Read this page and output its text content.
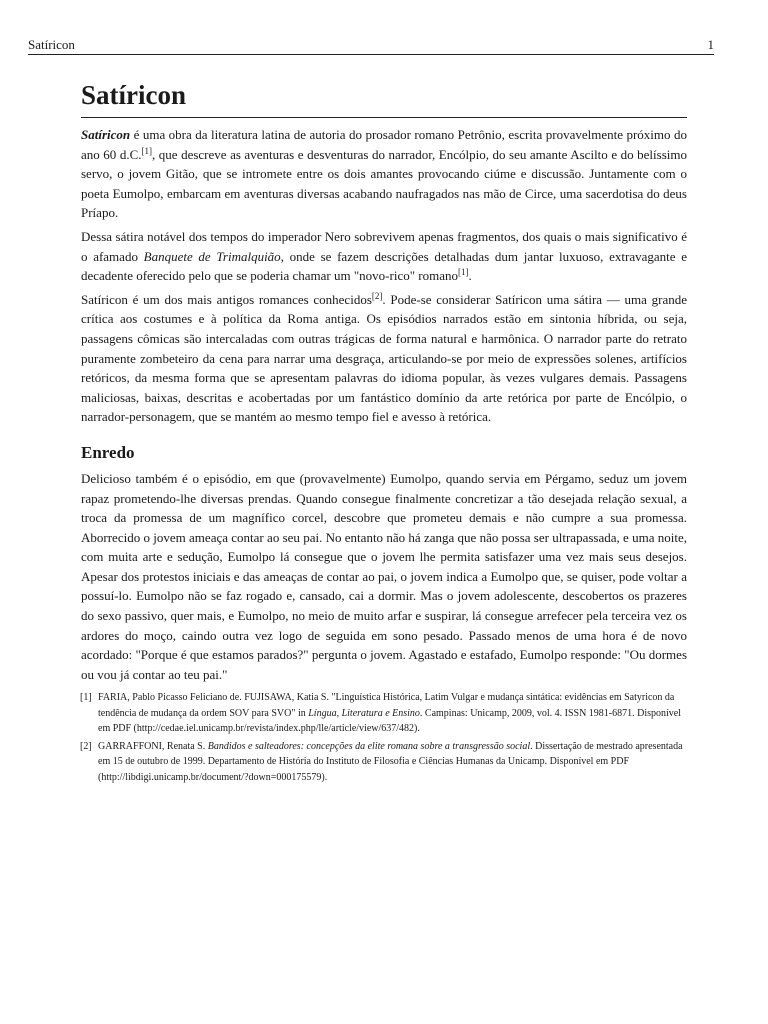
Satíricon	1
Satíricon

Satíricon é uma obra da literatura latina de autoria do prosador romano Petrônio, escrita provavelmente próximo do ano 60 d.C.[1], que descreve as aventuras e desventuras do narrador, Encólpio, do seu amante Ascilto e do belíssimo servo, o jovem Gitão, que se intromete entre os dois amantes provocando ciúme e discussão. Juntamente com o poeta Eumolpo, embarcam em aventuras diversas acabando naufragados nas mão de Circe, uma sacerdotisa do deus Príapo.

Dessa sátira notável dos tempos do imperador Nero sobrevivem apenas fragmentos, dos quais o mais significativo é o afamado Banquete de Trimalquião, onde se fazem descrições detalhadas dum jantar luxuoso, extravagante e decadente oferecido pelo que se poderia chamar um "novo-rico" romano[1].

Satíricon é um dos mais antigos romances conhecidos[2]. Pode-se considerar Satíricon uma sátira — uma grande crítica aos costumes e à política da Roma antiga. Os episódios narrados estão em sintonia híbrida, ou seja, passagens cômicas são intercaladas com outras trágicas de forma natural e harmônica. O narrador parte do retrato puramente zombeteiro da cena para narrar uma desgraça, articulando-se por meio de expressões solenes, artifícios retóricos, da mesma forma que se apresentam palavras do idioma popular, às vezes vulgares demais. Passagens maliciosas, baixas, descritas e acobertadas por um fantástico domínio da arte retórica por parte de Encólpio, o narrador-personagem, que se mantém ao mesmo tempo fiel e avesso à retórica.

Enredo

Delicioso também é o episódio, em que (provavelmente) Eumolpo, quando servia em Pérgamo, seduz um jovem rapaz prometendo-lhe diversas prendas. Quando consegue finalmente concretizar a tão desejada relação sexual, a troca da promessa de um magnífico corcel, descobre que prometeu demais e não cumpre a sua promessa. Aborrecido o jovem ameaça contar ao seu pai. No entanto não há zanga que não possa ser ultrapassada, e uma noite, com muita arte e sedução, Eumolpo lá consegue que o jovem lhe permita satisfazer uma vez mais seus desejos. Apesar dos protestos iniciais e das ameaças de contar ao pai, o jovem indica a Eumolpo que, se quiser, pode voltar a possuí-lo. Eumolpo não se faz rogado e, cansado, cai a dormir. Mas o jovem adolescente, descobertos os prazeres do sexo passivo, quer mais, e Eumolpo, no meio de muito arfar e suspirar, lá consegue arrefecer pela terceira vez os ardores do moço, caindo outra vez logo de seguida em sono pesado. Passado menos de uma hora é de novo acordado: "Porque é que estamos parados?" pergunta o jovem. Agastado e estafado, Eumolpo responde: "Ou dormes ou vou já contar ao teu pai."

[1] FARIA, Pablo Picasso Feliciano de. FUJISAWA, Katia S. "Linguística Histórica, Latim Vulgar e mudança sintática: evidências em Satyricon da tendência de mudança da ordem SOV para SVO" in Língua, Literatura e Ensino. Campinas: Unicamp, 2009, vol. 4. ISSN 1981-6871. Disponível em PDF (http://cedae.iel.unicamp.br/revista/index.php/lle/article/view/637/482).
[2] GARRAFFONI, Renata S. Bandidos e salteadores: concepções da elite romana sobre a transgressão social. Dissertação de mestrado apresentada em 15 de outubro de 1999. Departamento de História do Instituto de Filosofia e Ciências Humanas da Unicamp. Disponível em PDF (http://libdigi.unicamp.br/document/?down=000175579).
